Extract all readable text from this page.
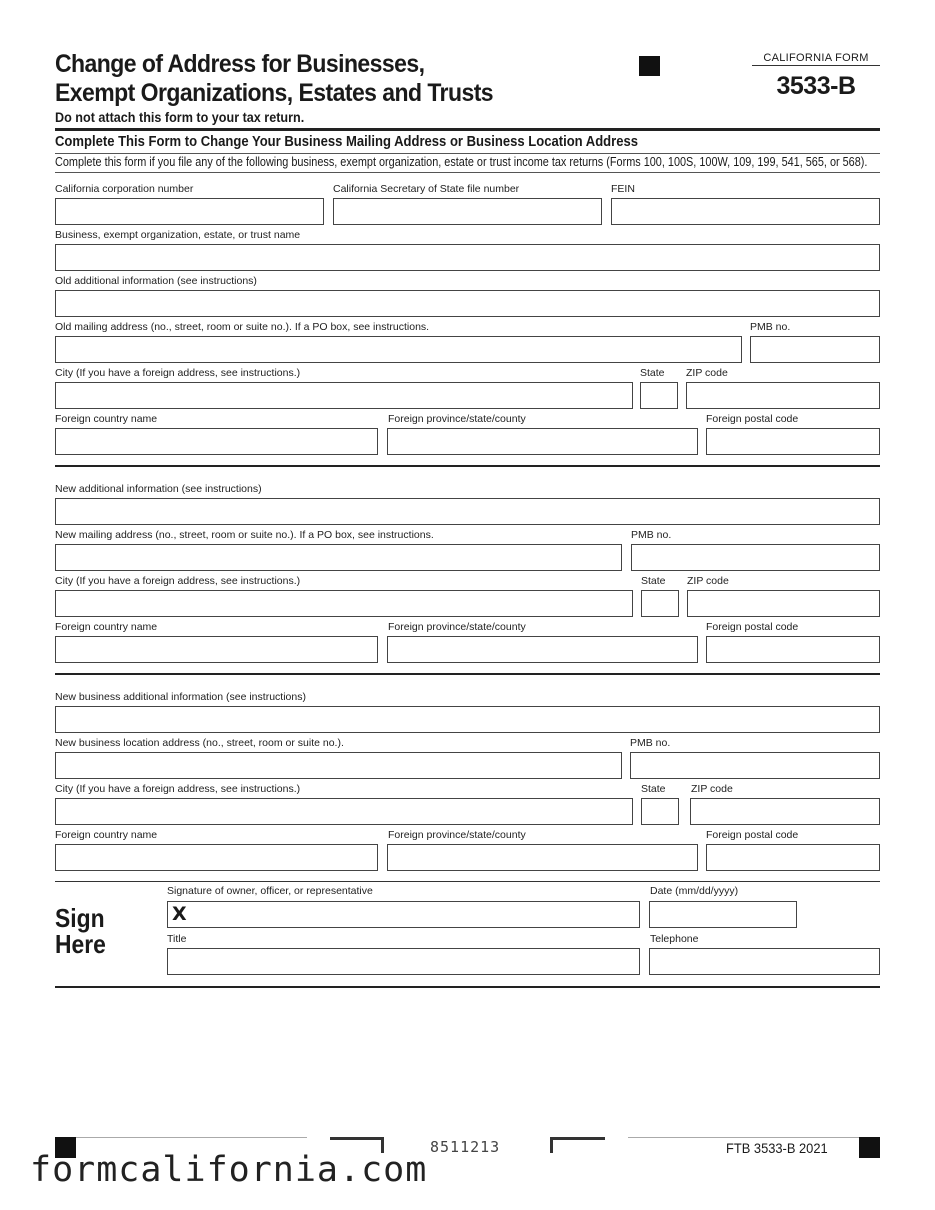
Change of Address for Businesses,
Exempt Organizations, Estates and Trusts
Do not attach this form to your tax return.
CALIFORNIA FORM
3533-B
Complete This Form to Change Your Business Mailing Address or Business Location Address
Complete this form if you file any of the following business, exempt organization, estate or trust income tax returns (Forms 100, 100S, 100W, 109, 199, 541, 565, or 568).
California corporation number	California Secretary of State file number	FEIN
Business, exempt organization, estate, or trust name
Old additional information (see instructions)
Old mailing address (no., street, room or suite no.). If a PO box, see instructions.	PMB no.
City (If you have a foreign address, see instructions.)	State ZIP code
Foreign country name	Foreign province/state/county	Foreign postal code
New additional information (see instructions)
New mailing address (no., street, room or suite no.). If a PO box, see instructions.	PMB no.
City (If you have a foreign address, see instructions.)	State ZIP code
Foreign country name	Foreign province/state/county	Foreign postal code
New business additional information (see instructions)
New business location address (no., street, room or suite no.).	PMB no.
City (If you have a foreign address, see instructions.)	State ZIP code
Foreign country name	Foreign province/state/county	Foreign postal code
Sign
Here
Signature of owner, officer, or representative	Date (mm/dd/yyyy)
X
Title	Telephone
8511213	FTB 3533-B 2021
formcalifornia.com
